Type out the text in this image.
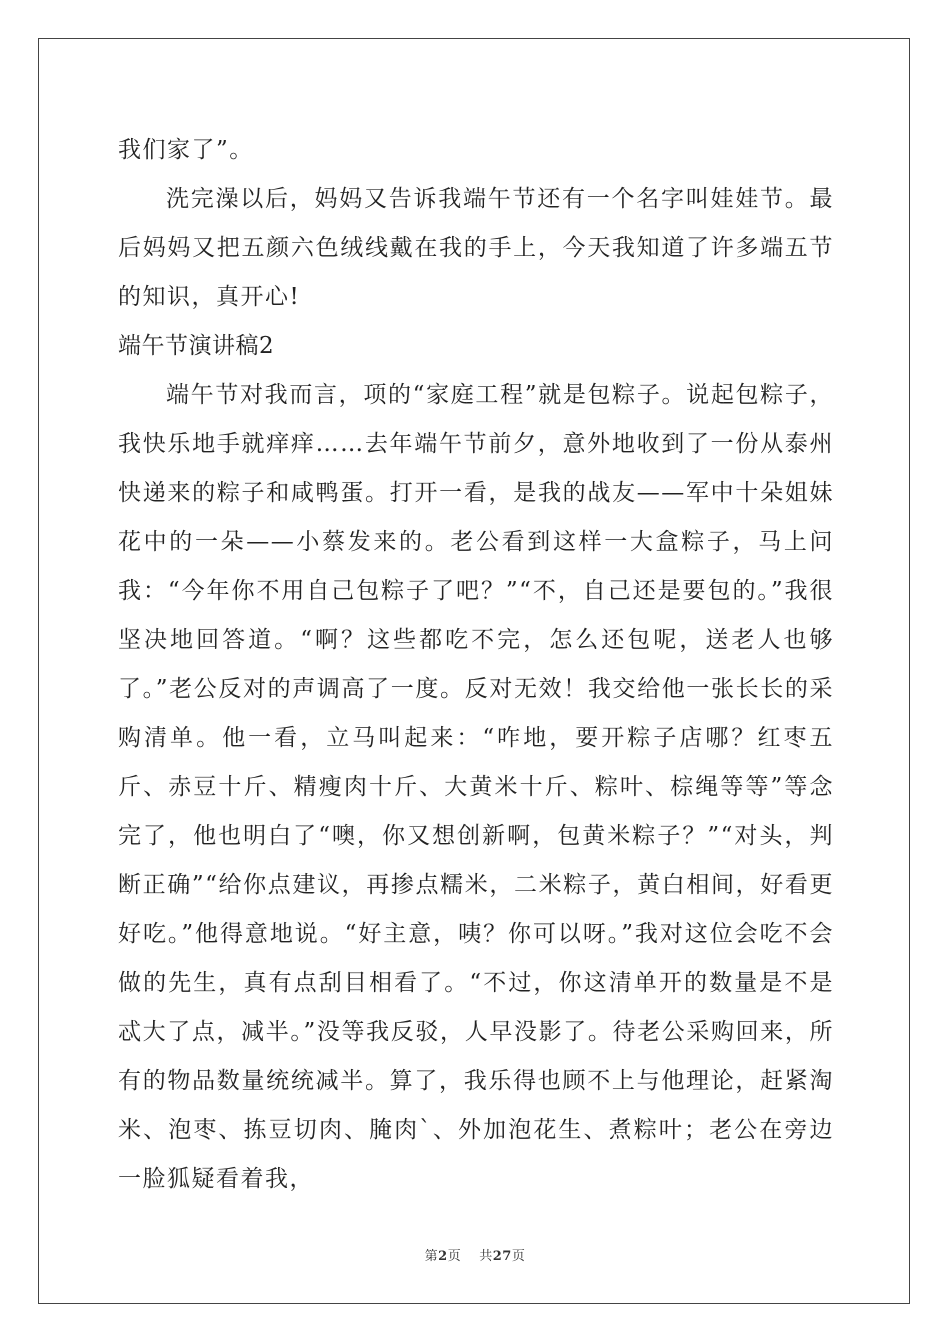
我们家了”。

洗完澡以后，妈妈又告诉我端午节还有一个名字叫娃娃节。最后妈妈又把五颜六色绒线戴在我的手上，今天我知道了许多端五节的知识，真开心!

端午节演讲稿2

端午节对我而言，项的“家庭工程”就是包粽子。说起包粽子，我快乐地手就痒痒……去年端午节前夕，意外地收到了一份从泰州快递来的粽子和咸鸭蛋。打开一看，是我的战友——军中十朵姐妹花中的一朵——小蔡发来的。老公看到这样一大盒粽子，马上问我：“今年你不用自己包粽子了吧？”“不，自己还是要包的。”我很坚决地回答道。“啊？这些都吃不完，怎么还包呢，送老人也够了。”老公反对的声调高了一度。反对无效！我交给他一张长长的采购清单。他一看，立马叫起来：“咋地，要开粽子店哪？红枣五斤、赤豆十斤、精瘦肉十斤、大黄米十斤、粽叶、棕绳等等”等念完了，他也明白了“噢，你又想创新啊，包黄米粽子？”“对头，判断正确”“给你点建议，再掺点糯米，二米粽子，黄白相间，好看更好吃。”他得意地说。“好主意，咦？你可以呀。”我对这位会吃不会做的先生，真有点刮目相看了。“不过，你这清单开的数量是不是忒大了点，减半。”没等我反驳，人早没影了。待老公采购回来，所有的物品数量统统减半。算了，我乐得也顾不上与他理论，赶紧淘米、泡枣、拣豆切肉、腌肉`、外加泡花生、煮粽叶；老公在旁边一脸狐疑看着我，

第2页 共27页
